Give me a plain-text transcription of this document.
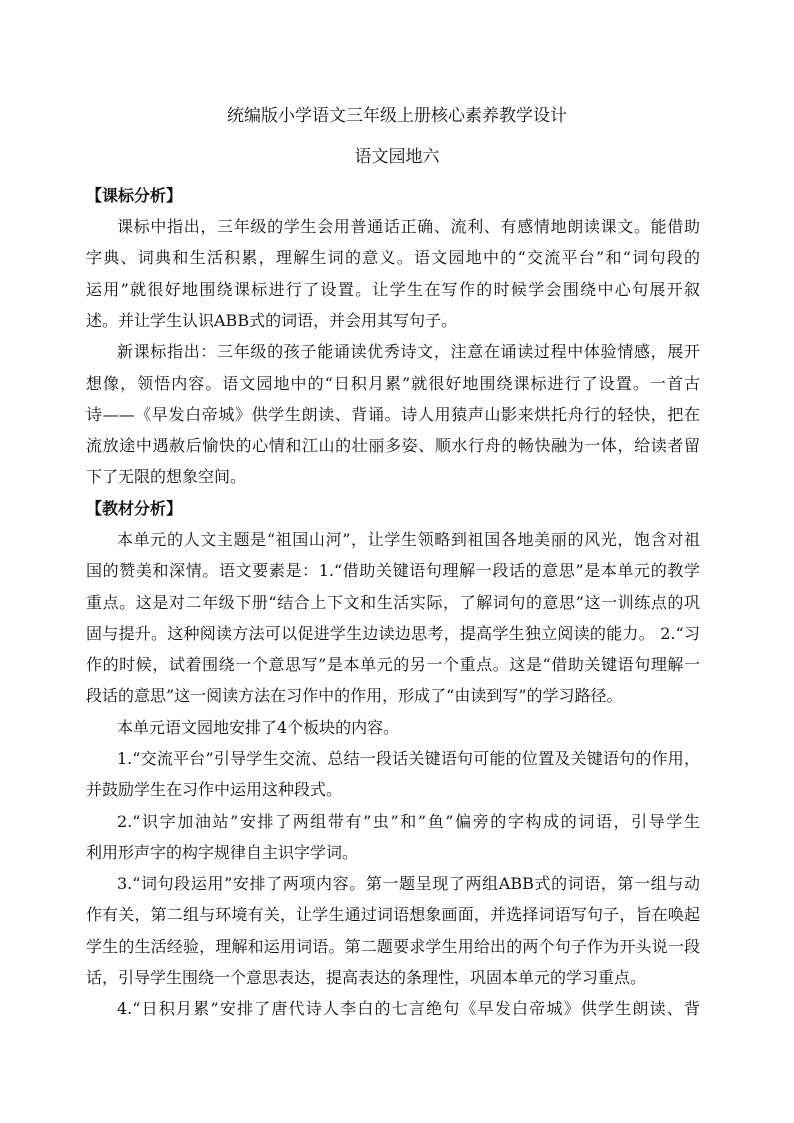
统编版小学语文三年级上册核心素养教学设计
语文园地六
【课标分析】
课标中指出，三年级的学生会用普通话正确、流利、有感情地朗读课文。能借助
字典、词典和生活积累，理解生词的意义。语文园地中的“交流平台”和“词句段的
运用”就很好地围绕课标进行了设置。让学生在写作的时候学会围绕中心句展开叙
述。并让学生认识ABB式的词语，并会用其写句子。
新课标指出：三年级的孩子能诵读优秀诗文，注意在诵读过程中体验情感，展开
想像，领悟内容。语文园地中的“日积月累”就很好地围绕课标进行了设置。一首古
诗——《早发白帝城》供学生朗读、背诵。诗人用猿声山影来烘托舟行的轻快，把在
流放途中遇赦后愉快的心情和江山的壮丽多姿、顺水行舟的畅快融为一体，给读者留
下了无限的想象空间。
【教材分析】
本单元的人文主题是“祖国山河”，让学生领略到祖国各地美丽的风光，饱含对祖
国的赞美和深情。语文要素是：1.“借助关键语句理解一段话的意思”是本单元的教学
重点。这是对二年级下册“结合上下文和生活实际，了解词句的意思”这一训练点的巩
固与提升。这种阅读方法可以促进学生边读边思考，提高学生独立阅读的能力。 2.“习
作的时候，试着围绕一个意思写”是本单元的另一个重点。这是“借助关键语句理解一
段话的意思”这一阅读方法在习作中的作用，形成了“由读到写”的学习路径。
本单元语文园地安排了4个板块的内容。
1.“交流平台”引导学生交流、总结一段话关键语句可能的位置及关键语句的作用，
并鼓励学生在习作中运用这种段式。
2.“识字加油站”安排了两组带有”虫”和”鱼”偏旁的字构成的词语，引导学生
利用形声字的构字规律自主识字学词。
3.“词句段运用”安排了两项内容。第一题呈现了两组ABB式的词语，第一组与动
作有关，第二组与环境有关，让学生通过词语想象画面，并选择词语写句子，旨在唤起
学生的生活经验，理解和运用词语。第二题要求学生用给出的两个句子作为开头说一段
话，引导学生围绕一个意思表达，提高表达的条理性，巩固本单元的学习重点。
4.“日积月累”安排了唐代诗人李白的七言绝句《早发白帝城》供学生朗读、背
